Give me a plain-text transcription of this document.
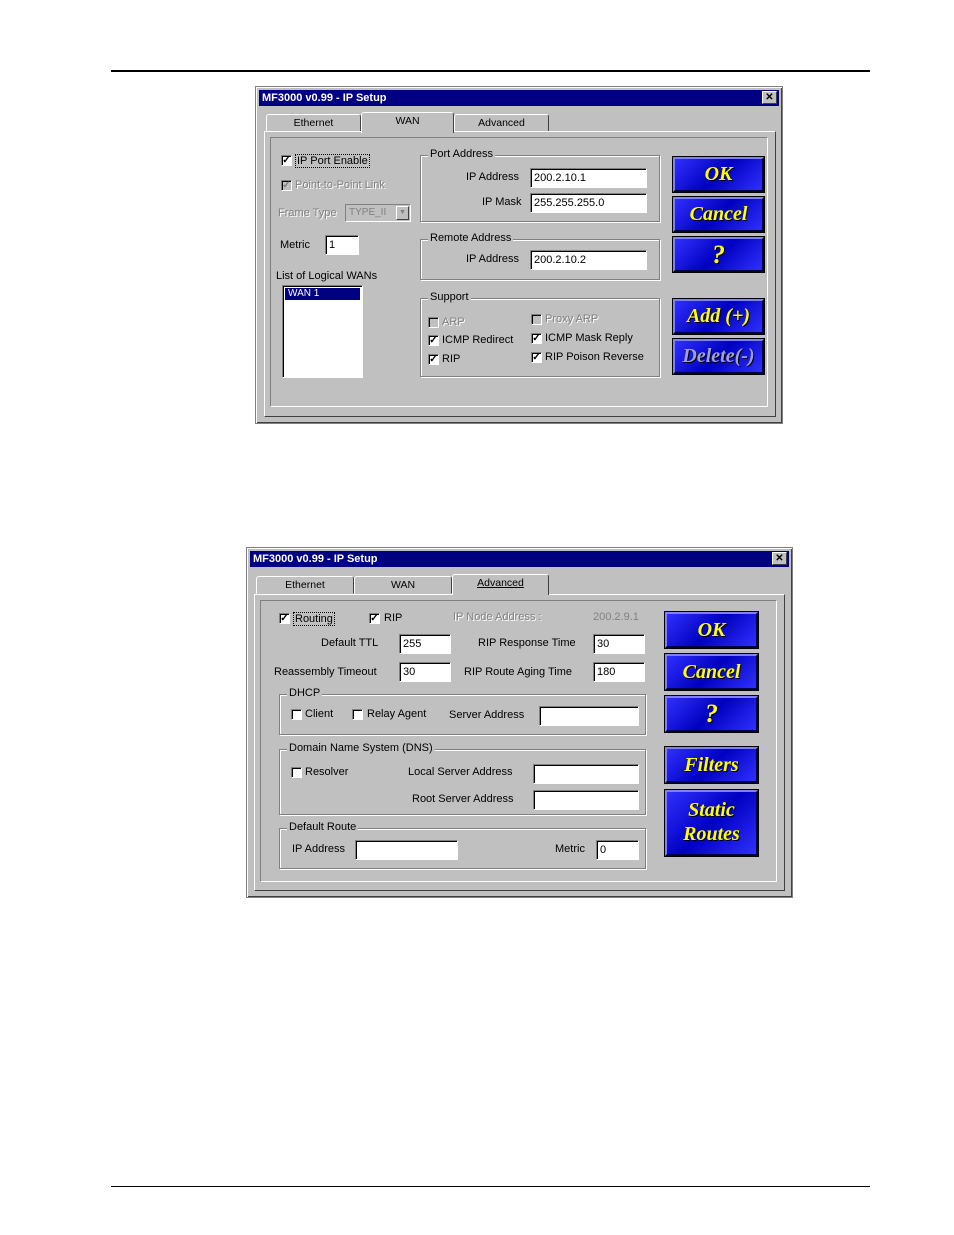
MF3000 v0.99 - IP Setup	✕
Ethernet	WAN	Advanced
✓ IP Port Enable
✓ Point-to-Point Link
Frame Type	TYPE_II	▼
Metric	1
List of Logical WANs
WAN 1
Port Address
IP Address	200.2.10.1
IP Mask	255.255.255.0
Remote Address
IP Address	200.2.10.2
Support
ARP	Proxy ARP
✓ ICMP Redirect ✓ ICMP Mask Reply
✓ RIP	✓ RIP Poison Reverse
OK
Cancel
?
Add (+)
Delete(-)
MF3000 v0.99 - IP Setup	✕
Ethernet	WAN	Advanced
✓ Routing	✓ RIP	IP Node Address :	200.2.9.1
Default TTL	255	RIP Response Time	30
Reassembly Timeout	30	RIP Route Aging Time	180
DHCP
Client	Relay Agent Server Address
Domain Name System (DNS)
Resolver	Local Server Address
Root Server Address
Default Route
IP Address	Metric	0
OK
Cancel
?
Filters
Static
Routes
